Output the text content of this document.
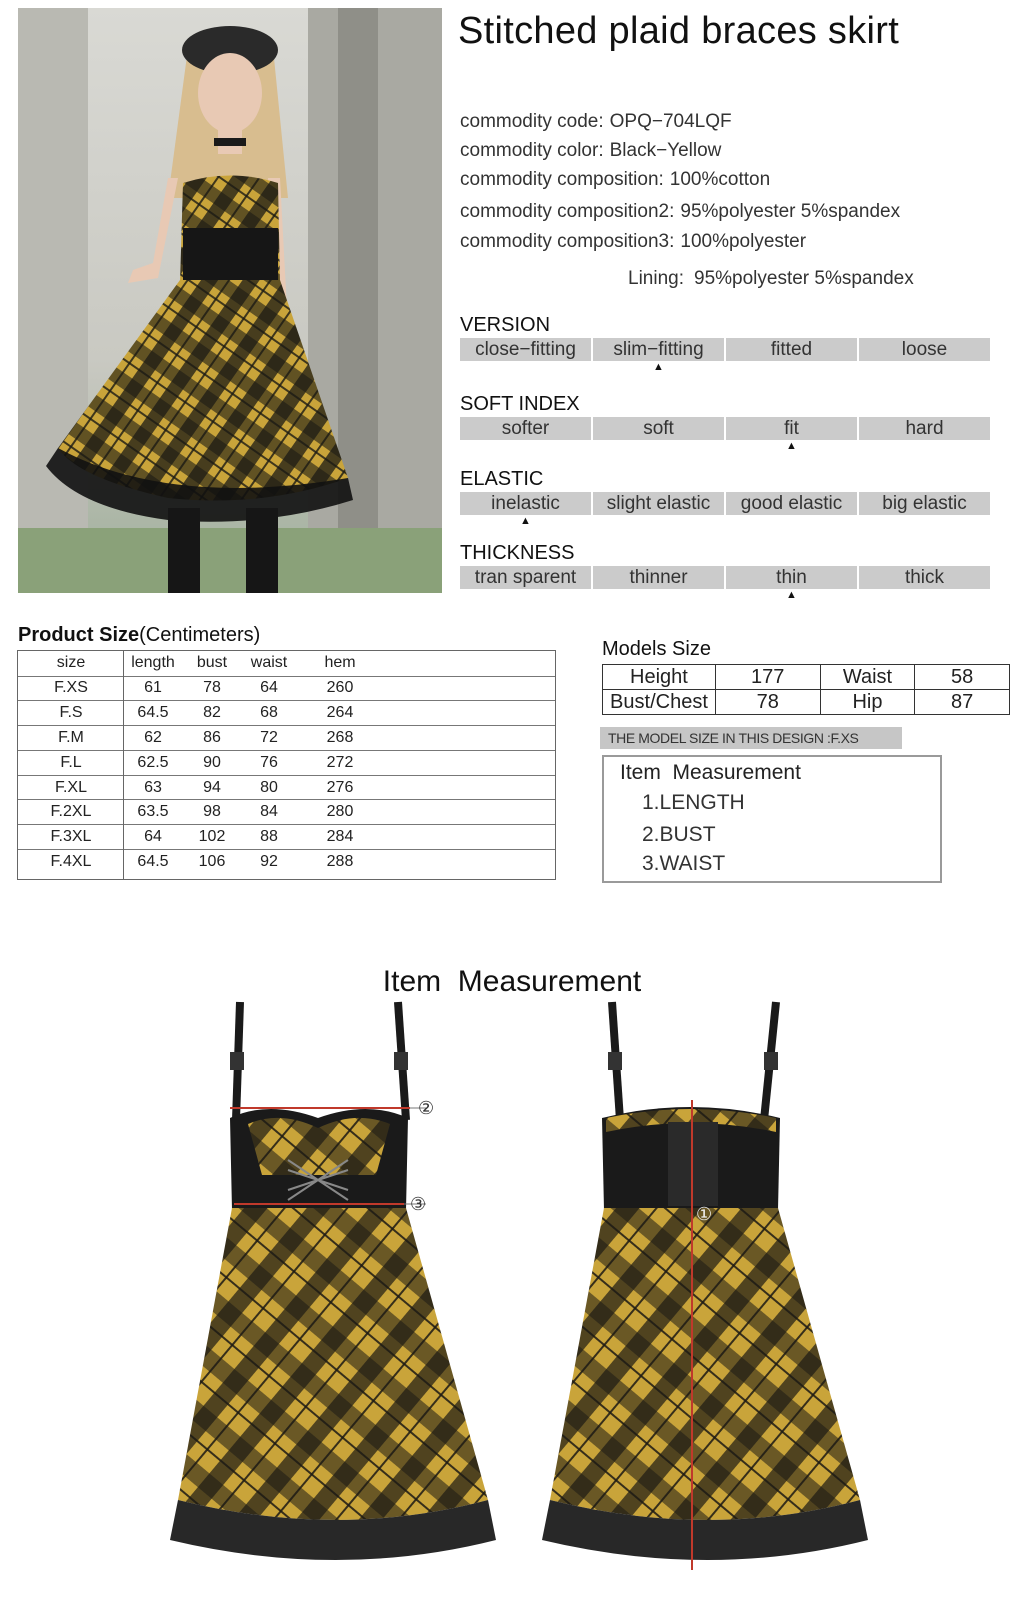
Stitched plaid braces skirt
commodity code: OPQ−704LQF
commodity color: Black−Yellow
commodity composition: 100%cotton
commodity composition2: 95%polyester 5%spandex
commodity composition3: 100%polyester
Lining: 95%polyester 5%spandex
VERSION
close−fitting	slim−fitting	fitted	loose
▲
SOFT INDEX
softer	soft	fit	hard
▲
ELASTIC
inelastic	slight elastic	good elastic	big elastic
▲
THICKNESS
tran sparent	thinner	thin	thick
▲
Product Size(Centimeters)
size	length	bust	waist	hem	
F.XS	61	78	64	260	
F.S	64.5	82	68	264	
F.M	62	86	72	268	
F.L	62.5	90	76	272	
F.XL	63	94	80	276	
F.2XL	63.5	98	84	280	
F.3XL	64	102	88	284	
F.4XL	64.5	106	92	288	
Models Size
Height	177	Waist	58
Bust/Chest	78	Hip	87
THE MODEL SIZE IN THIS DESIGN :F.XS
Item  Measurement
1.LENGTH
2.BUST
3.WAIST
Item  Measurement
②
③	①
